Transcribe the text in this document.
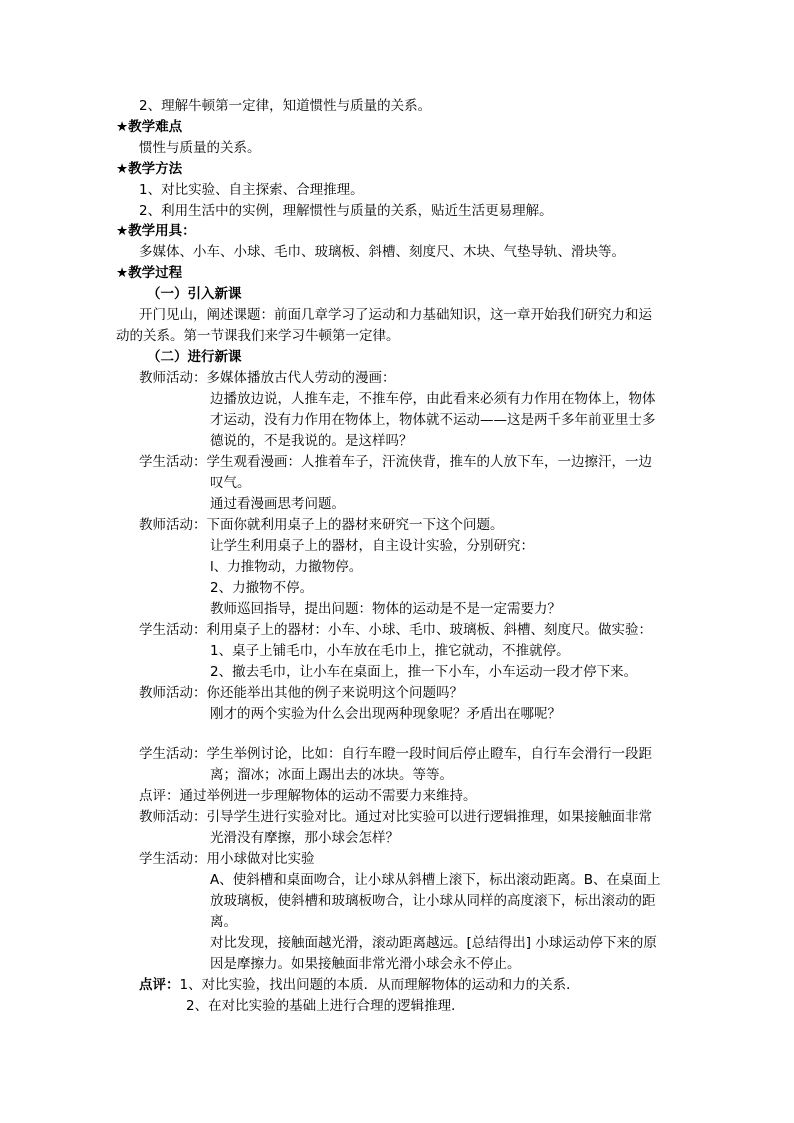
2、理解牛顿第一定律，知道惯性与质量的关系。
★教学难点
惯性与质量的关系。
★教学方法
1、对比实验、自主探索、合理推理。
2、利用生活中的实例，理解惯性与质量的关系，贴近生活更易理解。
★教学用具：
多媒体、小车、小球、毛巾、玻璃板、斜槽、刻度尺、木块、气垫导轨、滑块等。
★教学过程
（一）引入新课
开门见山，阐述课题：前面几章学习了运动和力基础知识，这一章开始我们研究力和运
动的关系。第一节课我们来学习牛顿第一定律。
（二）进行新课
教师活动：多媒体播放古代人劳动的漫画：
边播放边说，人推车走，不推车停，由此看来必须有力作用在物体上，物体
才运动，没有力作用在物体上，物体就不运动——这是两千多年前亚里士多
德说的，不是我说的。是这样吗？
学生活动：学生观看漫画：人推着车子，汗流侠背，推车的人放下车，一边擦汗，一边
叹气。
通过看漫画思考问题。
教师活动：下面你就利用桌子上的器材来研究一下这个问题。
让学生利用桌子上的器材，自主设计实验，分别研究：
l、力推物动，力撤物停。
2、力撤物不停。
教师巡回指导，提出问题：物体的运动是不是一定需要力？
学生活动：利用桌子上的器材：小车、小球、毛巾、玻璃板、斜槽、刻度尺。做实验：
1、桌子上铺毛巾，小车放在毛巾上，推它就动，不推就停。
2、撤去毛巾，让小车在桌面上，推一下小车，小车运动一段才停下来。
教师活动：你还能举出其他的例子来说明这个问题吗？
刚才的两个实验为什么会出现两种现象呢？矛盾出在哪呢？
学生活动：学生举例讨论，比如：自行车瞪一段时间后停止瞪车，自行车会滑行一段距
离；溜冰；冰面上踢出去的冰块。等等。
点评：通过举例进一步理解物体的运动不需要力来维持。
教师活动：引导学生进行实验对比。通过对比实验可以进行逻辑推理，如果接触面非常
光滑没有摩擦，那小球会怎样？
学生活动：用小球做对比实验
A、使斜槽和桌面吻合，让小球从斜槽上滚下，标出滚动距离。B、在桌面上
放玻璃板，使斜槽和玻璃板吻合，让小球从同样的高度滚下，标出滚动的距
离。
对比发现，接触面越光滑，滚动距离越远。[总结得出] 小球运动停下来的原
因是摩擦力。如果接触面非常光滑小球会永不停止。
点评：1、对比实验，找出问题的本质．从而理解物体的运动和力的关系．
2、在对比实验的基础上进行合理的逻辑推理．
